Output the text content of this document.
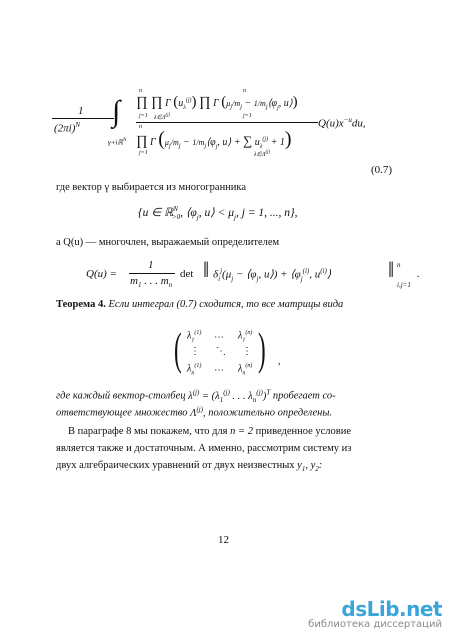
1
$(2\pi i)^N$ ∫
γ+iℝ$^N$
∏ ∏ Γ $(u_\lambda^{(j)})$ ∏ Γ ($\mu_j/m_j$ − $1/m_j⟨\varphi_j$, u⟩)
n
j=1 $\lambda\in\Lambda^{(j)}$
n
j=1
∏ Γ ($\mu_j/m_j$ − $1/m_j⟨\varphi_j$, u⟩ + ∑ $u_\lambda^{(j)} + 1$)
n
j=1	$\lambda\in\Lambda^{(j)}$
$Q(u)x^{-u}du$,
(0.7)
где вектор γ выбирается из многогранника
{u ∈ ℝ$^N_{>0}$, $⟨\varphi_j$, u⟩ < $\mu_j$, j = 1, ..., n},
а Q(u) — многочлен, выражаемый определителем
Q(u) =
1
$m_1$ . . . $m_n$
det ‖ $\delta_i^j(\mu_j$ − $⟨\varphi_j$, u⟩) + $⟨\varphi_j^{(i)}$, $u^{(i)}⟩$	‖ n
i,j=1
.
Теорема 4. Если интеграл (0.7) сходится, то все матрицы вида
( $\lambda_1^{(1)}$ ⋯ $\lambda_1^{(n)}$
⋮ ⋱ ⋮
$\lambda_n^{(1)}$ ⋯ $\lambda_n^{(n)}$ ) ,
где каждый вектор-столбец $\lambda^{(j)} = (\lambda_1^{(j)}$ . . . $\lambda_n^{(j)})^T$ пробегает со-
ответствующее множество $\Lambda^{(j)}$, положительно определены.
В параграфе 8 мы покажем, что для n = 2 приведенное условие
является также и достаточным. А именно, рассмотрим систему из
двух алгебраических уравнений от двух неизвестных $y_1$, $y_2$:
12
dsLib.net
библиотека диссертаций
